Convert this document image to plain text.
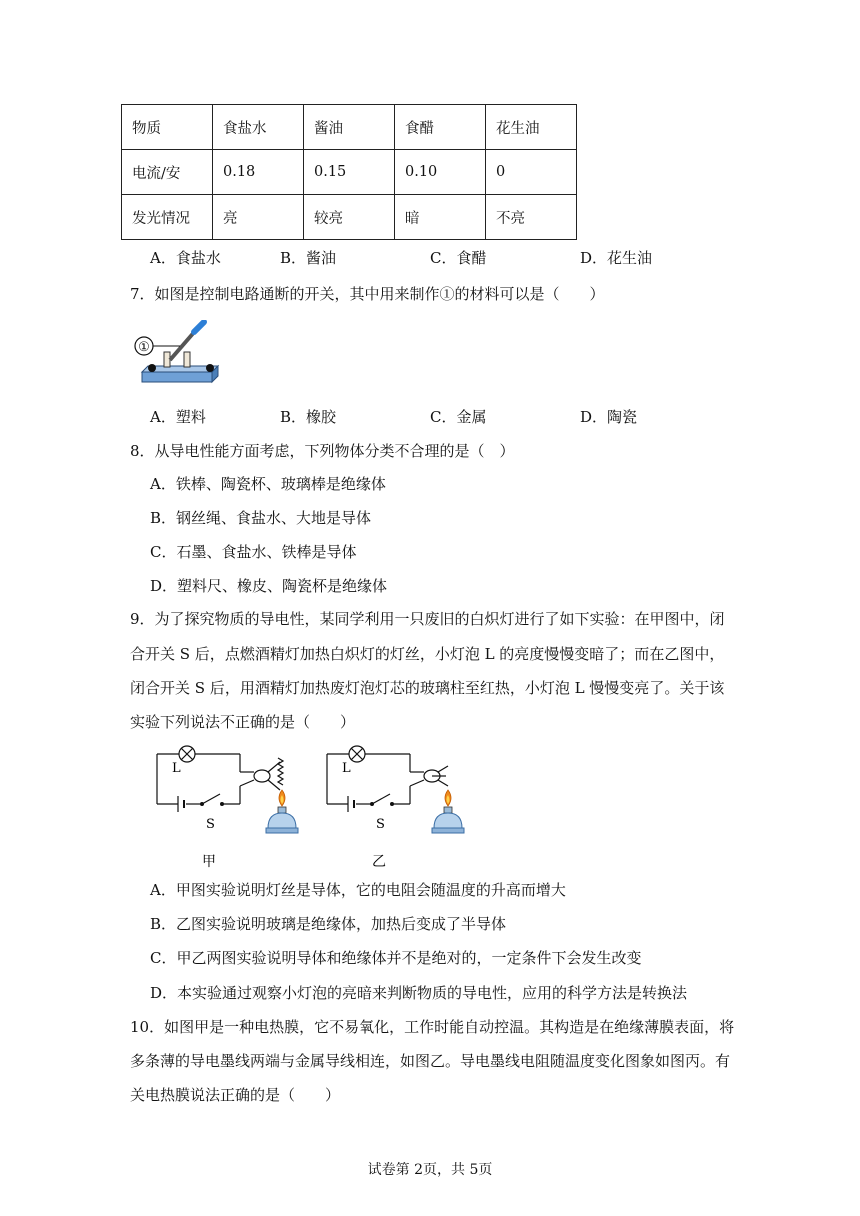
物质	食盐水	酱油	食醋	花生油
电流/安	0.18	0.15	0.10	0
发光情况	亮	较亮	暗	不亮
A．食盐水	B．酱油	C．食醋	D．花生油
7．如图是控制电路通断的开关，其中用来制作①的材料可以是（　　）
①
A．塑料	B．橡胶	C．金属	D．陶瓷
8．从导电性能方面考虑，下列物体分类不合理的是（　）
A．铁棒、陶瓷杯、玻璃棒是绝缘体
B．钢丝绳、食盐水、大地是导体
C．石墨、食盐水、铁棒是导体
D．塑料尺、橡皮、陶瓷杯是绝缘体
9．为了探究物质的导电性，某同学利用一只废旧的白炽灯进行了如下实验：在甲图中，闭
合开关 S 后，点燃酒精灯加热白炽灯的灯丝，小灯泡 L 的亮度慢慢变暗了；而在乙图中，
闭合开关 S 后，用酒精灯加热废灯泡灯芯的玻璃柱至红热，小灯泡 L 慢慢变亮了。关于该
实验下列说法不正确的是（　　）
L
S
甲
L
S
乙
A．甲图实验说明灯丝是导体，它的电阻会随温度的升高而增大
B．乙图实验说明玻璃是绝缘体，加热后变成了半导体
C．甲乙两图实验说明导体和绝缘体并不是绝对的，一定条件下会发生改变
D．本实验通过观察小灯泡的亮暗来判断物质的导电性，应用的科学方法是转换法
10．如图甲是一种电热膜，它不易氧化，工作时能自动控温。其构造是在绝缘薄膜表面，将
多条薄的导电墨线两端与金属导线相连，如图乙。导电墨线电阻随温度变化图象如图丙。有
关电热膜说法正确的是（　　）
试卷第 2页，共 5页
